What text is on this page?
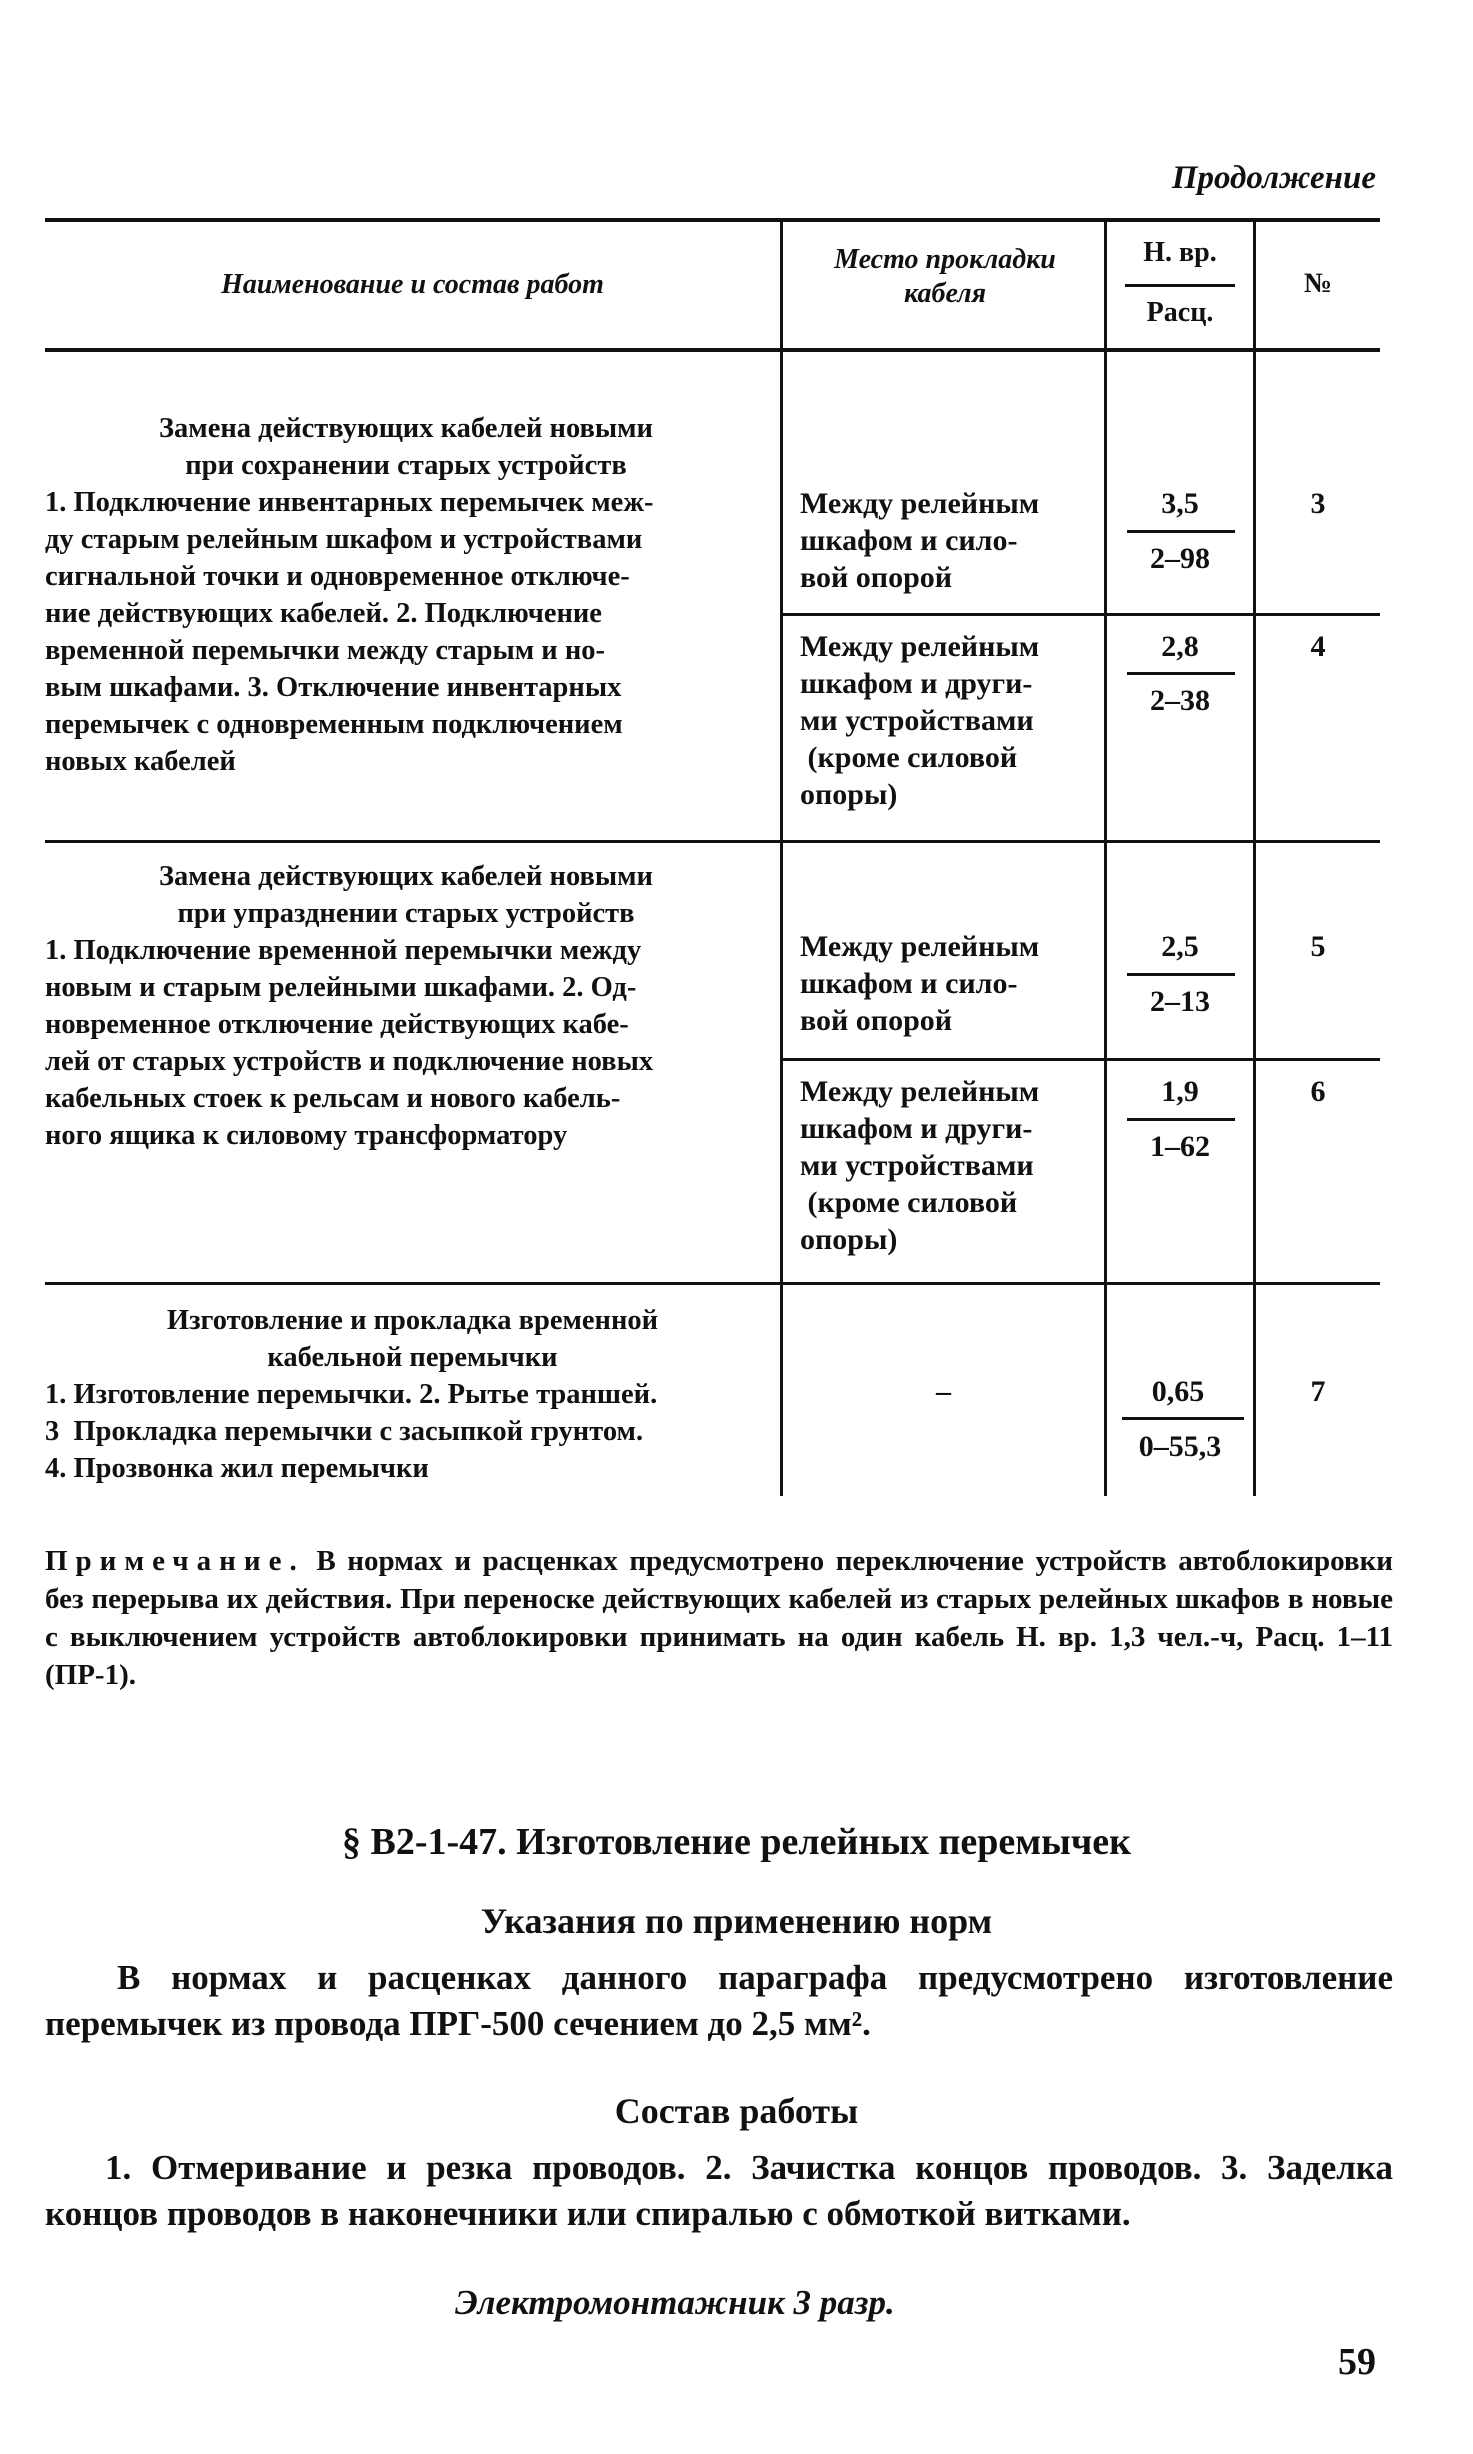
Продолжение
Наименование и состав работ
Место прокладки кабеля
Н. вр.
Расц.
№
Замена действующих кабелей новыми
при сохранении старых устройств
1. Подключение инвентарных перемычек меж-
ду старым релейным шкафом и устройствами
сигнальной точки и одновременное отключе-
ние действующих кабелей. 2. Подключение
временной перемычки между старым и но-
вым шкафами. 3. Отключение инвентарных
перемычек с одновременным подключением
новых кабелей
Между релейным
шкафом и сило-
вой опорой
3,5
2–98
3
Между релейным
шкафом и други-
ми устройствами
(кроме силовой
опоры)
2,8
2–38
4
Замена действующих кабелей новыми
при упразднении старых устройств
1. Подключение временной перемычки между
новым и старым релейными шкафами. 2. Од-
новременное отключение действующих кабе-
лей от старых устройств и подключение новых
кабельных стоек к рельсам и нового кабель-
ного ящика к силовому трансформатору
Между релейным
шкафом и сило-
вой опорой
2,5
2–13
5
Между релейным
шкафом и други-
ми устройствами
(кроме силовой
опоры)
1,9
1–62
6
Изготовление и прокладка временной
кабельной перемычки
1. Изготовление перемычки. 2. Рытье траншей.
3  Прокладка перемычки с засыпкой грунтом.
4. Прозвонка жил перемычки
–	0,65
0–55,3
7
Примечание. В нормах и расценках предусмотрено переключение устройств автоблокировки без перерыва их действия. При переноске действующих кабелей из старых релейных шкафов в новые с выключением устройств автоблокировки принимать на один кабель Н. вр. 1,3 чел.-ч, Расц. 1–11 (ПР-1).
§ В2-1-47. Изготовление релейных перемычек
Указания по применению норм
В нормах и расценках данного параграфа предусмотрено изготовление перемычек из провода ПРГ-500 сечением до 2,5 мм².
Состав работы
1. Отмеривание и резка проводов. 2. Зачистка концов проводов. 3. Заделка концов проводов в наконечники или спиралью с обмоткой витками.
Электромонтажник 3 разр.
59
